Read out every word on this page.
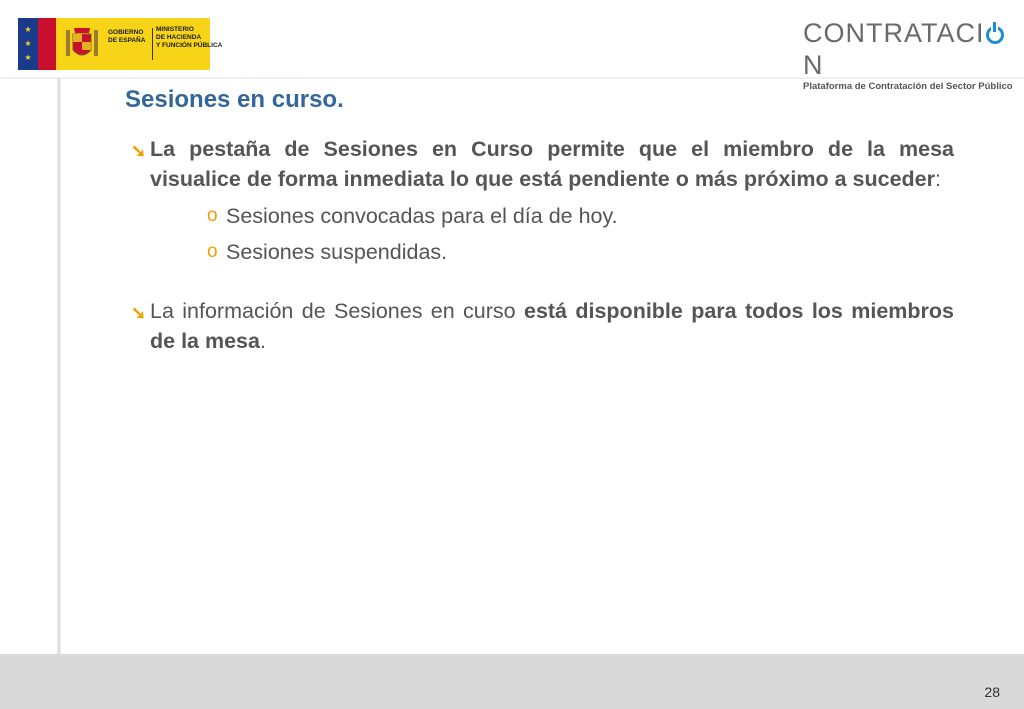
★
★
★
GOBIERNO
DE ESPAÑA
MINISTERIO
DE HACIENDA
Y FUNCIÓN PÚBLICA	CONTRATACIN
Plataforma de Contratación del Sector Público
Sesiones en curso.
➘ La pestaña de Sesiones en Curso permite que el miembro de la mesa visualice de forma inmediata lo que está pendiente o más próximo a suceder:
o Sesiones convocadas para el día de hoy.
o Sesiones suspendidas.
➘ La información de Sesiones en curso está disponible para todos los miembros de la mesa.
28
